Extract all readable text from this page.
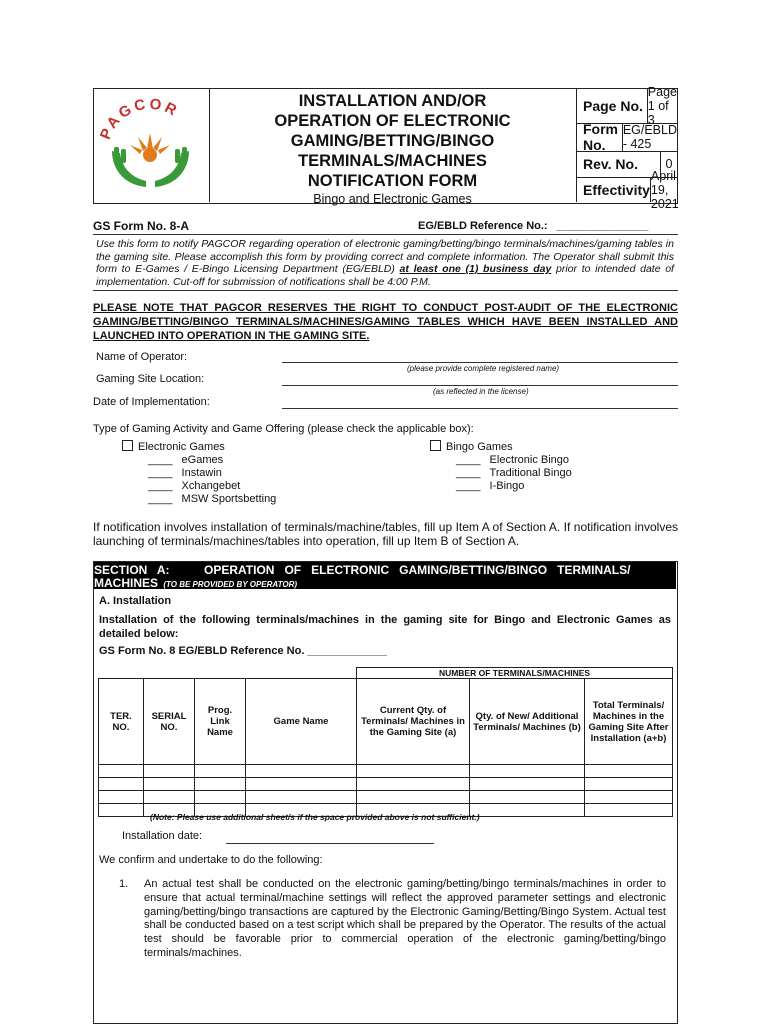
PAGCOR	INSTALLATION AND/OR
OPERATION OF ELECTRONIC
GAMING/BETTING/BINGO
TERMINALS/MACHINES
NOTIFICATION FORM
Bingo and Electronic Games
Page No.
Page 1 of 3
Form No.
EG/EBLD - 425
Rev. No.	0
Effectivity
April 19, 2021
GS Form No. 8-A	EG/EBLD Reference No.: _______________
Use this form to notify PAGCOR regarding operation of electronic gaming/betting/bingo terminals/machines/gaming tables in the gaming site. Please accomplish this form by providing correct and complete information. The Operator shall submit this form to E-Games / E-Bingo Licensing Department (EG/EBLD) at least one (1) business day prior to intended date of implementation. Cut-off for submission of notifications shall be 4:00 P.M.
PLEASE NOTE THAT PAGCOR RESERVES THE RIGHT TO CONDUCT POST-AUDIT OF THE ELECTRONIC GAMING/BETTING/BINGO TERMINALS/MACHINES/GAMING TABLES WHICH HAVE BEEN INSTALLED AND LAUNCHED INTO OPERATION IN THE GAMING SITE.
Name of Operator:
(please provide complete registered name)
Gaming Site Location:
(as reflected in the license)
Date of Implementation:
Type of Gaming Activity and Game Offering (please check the applicable box):
Electronic Games
____ eGames
____ Instawin
____ Xchangebet
____ MSW Sportsbetting
Bingo Games
____ Electronic Bingo
____ Traditional Bingo
____ I-Bingo
If notification involves installation of terminals/machine/tables, fill up Item A of Section A. If notification involves launching of terminals/machines/tables into operation, fill up Item B of Section A.
SECTION   A:	OPERATION   OF   ELECTRONIC   GAMING/BETTING/BINGO   TERMINALS/
MACHINES (TO BE PROVIDED BY OPERATOR)
A. Installation
Installation of the following terminals/machines in the gaming site for Bingo and Electronic Games as detailed below:
GS Form No. 8 EG/EBLD Reference No. _____________
				NUMBER OF TERMINALS/MACHINES		
TER. NO.	SERIAL NO.	Prog. Link Name	Game Name	Current Qty. of Terminals/ Machines in the Gaming Site (a)	Qty. of New/ Additional Terminals/ Machines (b)	Total Terminals/ Machines in the Gaming Site After Installation (a+b)

(Note: Please use additional sheet/s if the space provided above is not sufficient.)
Installation date:
We confirm and undertake to do the following:
1. An actual test shall be conducted on the electronic gaming/betting/bingo terminals/machines in order to ensure that actual terminal/machine settings will reflect the approved parameter settings and electronic gaming/betting/bingo transactions are captured by the Electronic Gaming/Betting/Bingo System. Actual test shall be conducted based on a test script which shall be prepared by the Operator. The results of the actual test should be favorable prior to commercial operation of the electronic gaming/betting/bingo terminals/machines.
